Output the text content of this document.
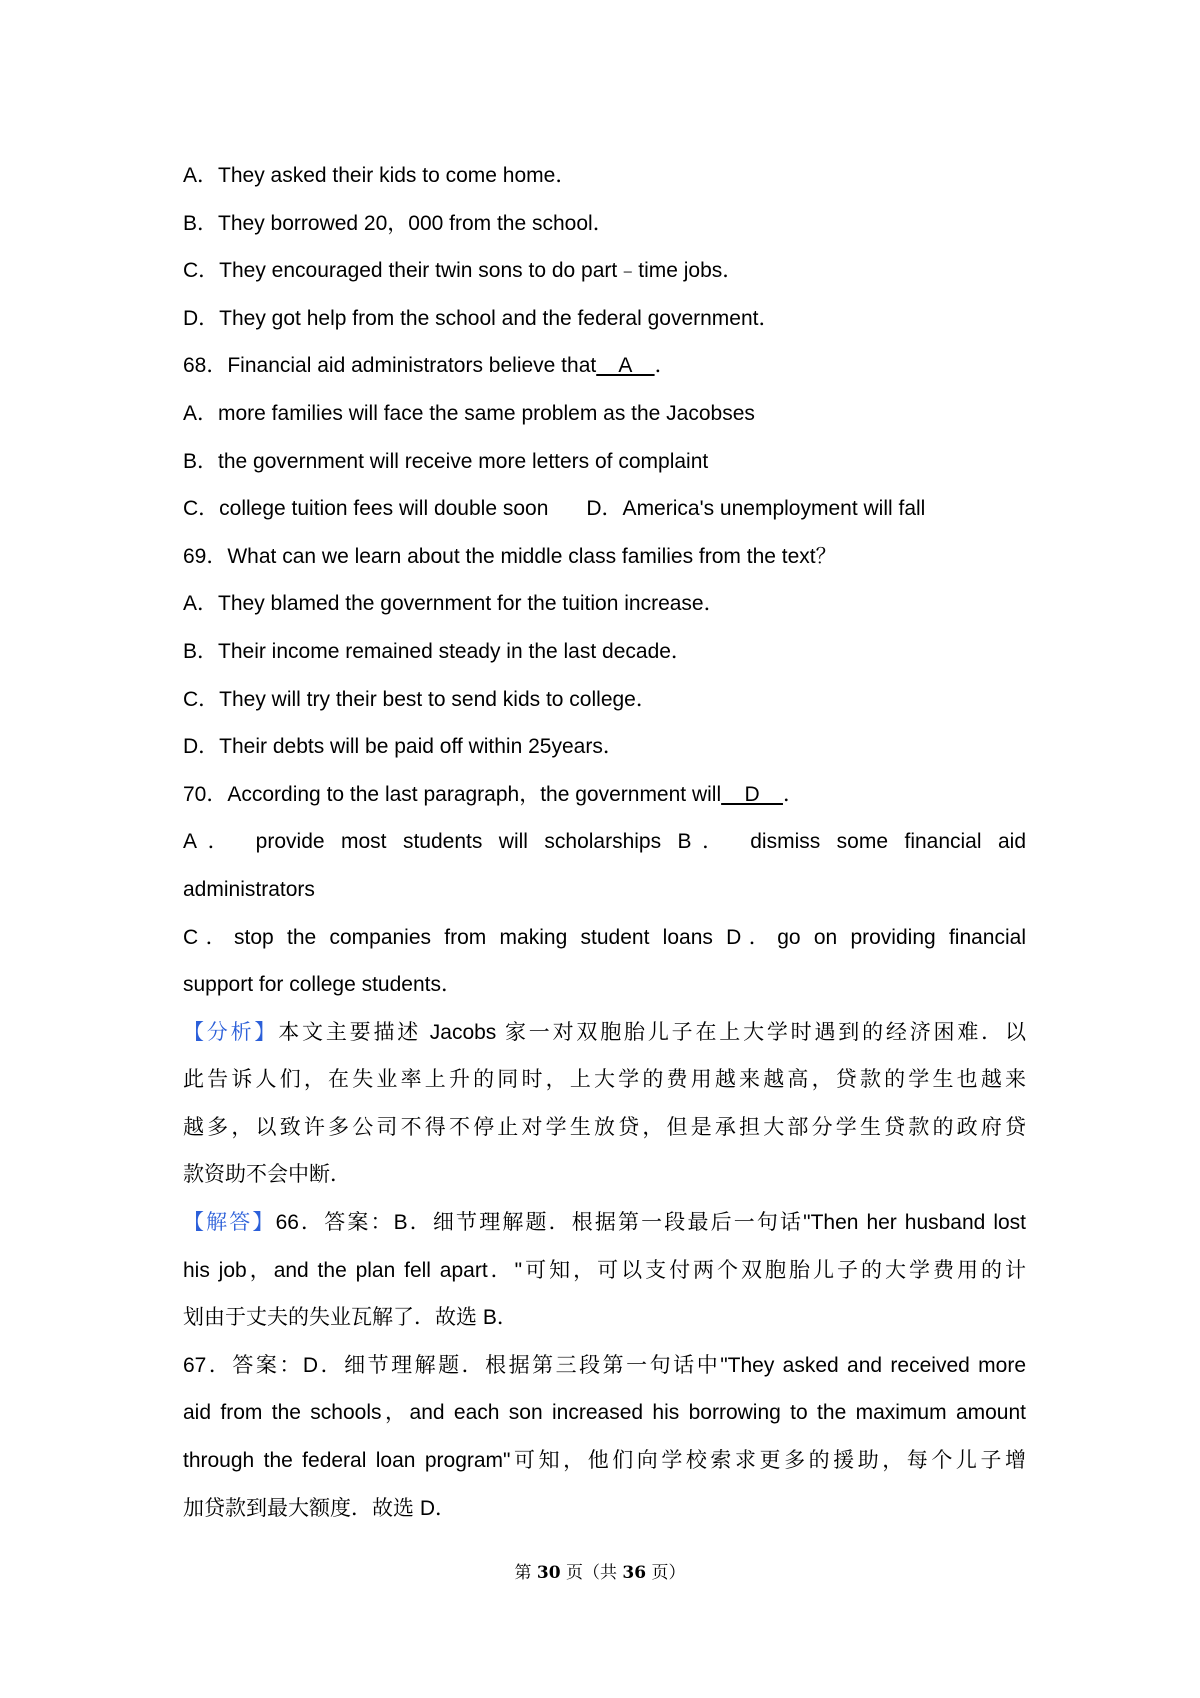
A．They asked their kids to come home．
B．They borrowed 20，000 from the school．
C．They encouraged their twin sons to do part﹣time jobs．
D．They got help from the school and the federal government．
68．Financial aid administrators believe that    A    ．
A．more families will face the same problem as the Jacobses
B．the government will receive more letters of complaint
C．college tuition fees will double soon D．America's unemployment will fall
69．What can we learn about the middle class families from the text？
A．They blamed the government for the tuition increase．
B．Their income remained steady in the last decade．
C．They will try their best to send kids to college．
D．Their debts will be paid off within 25years．
70．According to the last paragraph，the government will    D    ．
A． provide most students will scholarships B． dismiss some financial aid
administrators
C．stop the companies from making student loans D．go on providing financial
support for college students．
【分析】本文主要描述 Jacobs 家一对双胞胎儿子在上大学时遇到的经济困难．以
此告诉人们，在失业率上升的同时，上大学的费用越来越高，贷款的学生也越来
越多，以致许多公司不得不停止对学生放贷，但是承担大部分学生贷款的政府贷
款资助不会中断．
【解答】66．答案：B．细节理解题．根据第一段最后一句话"Then her husband lost
his job，and the plan fell apart．"可知，可以支付两个双胞胎儿子的大学费用的计
划由于丈夫的失业瓦解了．故选 B．
67．答案：D．细节理解题．根据第三段第一句话中"They asked and received more
aid from the schools，and each son increased his borrowing to the maximum amount
through the federal loan program"可知，他们向学校索求更多的援助，每个儿子增
加贷款到最大额度．故选 D．
第 30 页（共 36 页）
